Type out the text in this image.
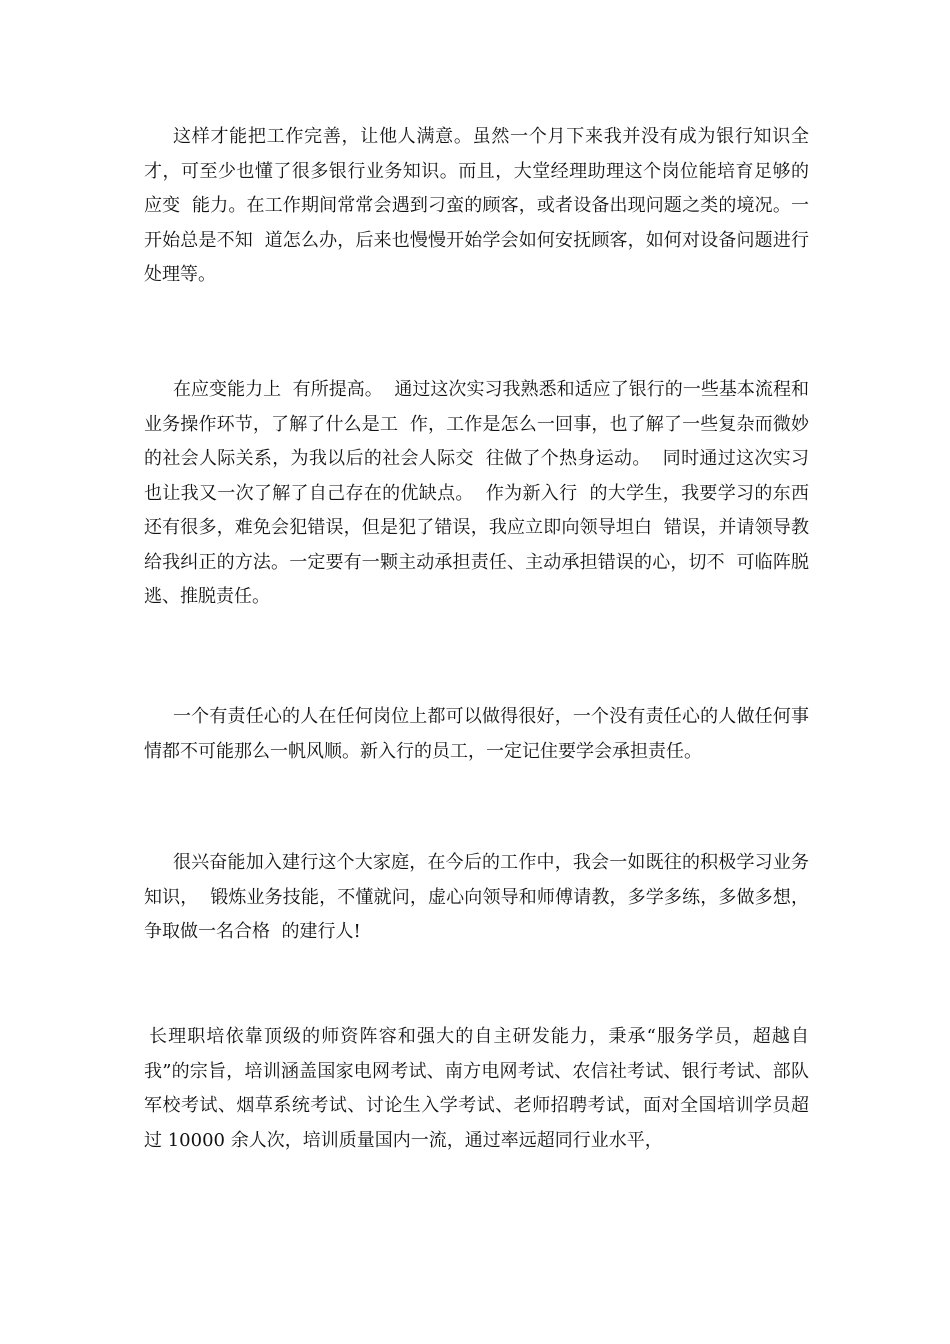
这样才能把工作完善，让他人满意。虽然一个月下来我并没有成为银行知识全才，可至少也懂了很多银行业务知识。而且，大堂经理助理这个岗位能培育足够的应变  能力。在工作期间常常会遇到刁蛮的顾客，或者设备出现问题之类的境况。一开始总是不知  道怎么办，后来也慢慢开始学会如何安抚顾客，如何对设备问题进行处理等。

在应变能力上  有所提高。  通过这次实习我熟悉和适应了银行的一些基本流程和业务操作环节，了解了什么是工  作，工作是怎么一回事，也了解了一些复杂而微妙的社会人际关系，为我以后的社会人际交  往做了个热身运动。  同时通过这次实习也让我又一次了解了自己存在的优缺点。  作为新入行  的大学生，我要学习的东西还有很多，难免会犯错误，但是犯了错误，我应立即向领导坦白  错误，并请领导教给我纠正的方法。一定要有一颗主动承担责任、主动承担错误的心，切不  可临阵脱逃、推脱责任。

一个有责任心的人在任何岗位上都可以做得很好，一个没有责任心的人做任何事情都不可能那么一帆风顺。新入行的员工，一定记住要学会承担责任。

很兴奋能加入建行这个大家庭，在今后的工作中，我会一如既往的积极学习业务知识，  锻炼业务技能，不懂就问，虚心向领导和师傅请教，多学多练，多做多想，争取做一名合格  的建行人!

长理职培依靠顶级的师资阵容和强大的自主研发能力，秉承“服务学员，超越自我”的宗旨，培训涵盖国家电网考试、南方电网考试、农信社考试、银行考试、部队军校考试、烟草系统考试、讨论生入学考试、老师招聘考试，面对全国培训学员超过 10000 余人次，培训质量国内一流，通过率远超同行业水平，
